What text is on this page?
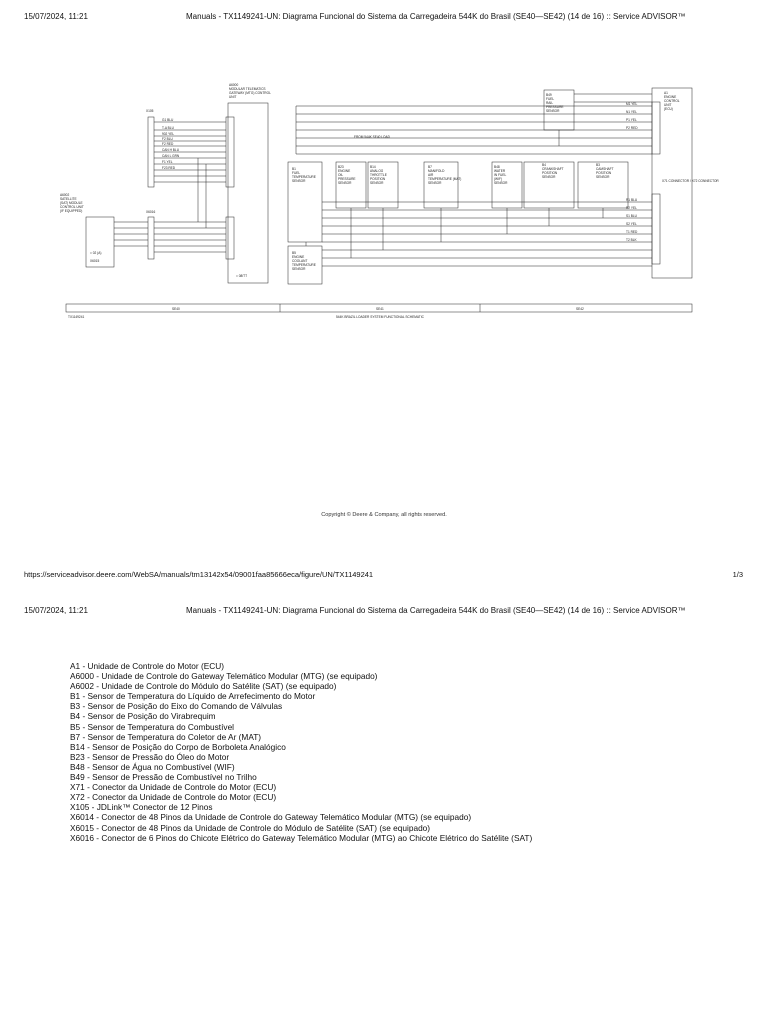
15/07/2024, 11:21	Manuals - TX1149241-UN: Diagrama Funcional do Sistema da Carregadeira 544K do Brasil (SE40—SE42) (14 de 16) :: Service ADVISOR™
A6000
MODULAR TELEMATICS
GATEWAY (MTG) CONTROL
UNIT
A1
ENGINE
CONTROL
UNIT
(ECU)
A6002
SATELLITE
(SAT) MODULE
CONTROL UNIT
(IF EQUIPPED)
B1
FUEL
TEMPERATURE
SENSOR
B23
ENGINE
OIL
PRESSURE
SENSOR
B14
ANALOG
THROTTLE
POSITION
SENSOR
B7
MANIFOLD
AIR
TEMPERATURE (MAT)
SENSOR
B48
WATER
IN FUEL
(WIF)
SENSOR
B4
CRANKSHAFT
POSITION
SENSOR
B3
CAMSHAFT
POSITION
SENSOR
B49
FUEL
RAIL
PRESSURE
SENSOR
B5
ENGINE
COOLANT
TEMPERATURE
SENSOR
X105
X6016
X6015
FROM 544K SE40 LOAD
= 08/TT
= 02 (A)
X71 CONNECTOR / X72 CONNECTOR
G1 BLU
T-A BLU
902 YEL
F2 BLU
F2 RED
CAN H BLU
CAN L GRN
F1 YEL
F23 RED
M1 YEL
N1 YEL
P1 YEL
P2 RED
R1 BLU
R2 YEL
S1 BLU
S2 YEL
T1 RED
T2 BLK
SE40	SE41	SE42
TX1149241	544K BRAZIL LOADER SYSTEM FUNCTIONAL SCHEMATIC
Copyright © Deere & Company, all rights reserved.
https://serviceadvisor.deere.com/WebSA/manuals/tm13142x54/09001faa85666eca/figure/UN/TX1149241	1/3
15/07/2024, 11:21	Manuals - TX1149241-UN: Diagrama Funcional do Sistema da Carregadeira 544K do Brasil (SE40—SE42) (14 de 16) :: Service ADVISOR™
A1 - Unidade de Controle do Motor (ECU)
A6000 - Unidade de Controle do Gateway Telemático Modular (MTG) (se equipado)
A6002 - Unidade de Controle do Módulo do Satélite (SAT) (se equipado)
B1 - Sensor de Temperatura do Líquido de Arrefecimento do Motor
B3 - Sensor de Posição do Eixo do Comando de Válvulas
B4 - Sensor de Posição do Virabrequim
B5 - Sensor de Temperatura do Combustível
B7 - Sensor de Temperatura do Coletor de Ar (MAT)
B14 - Sensor de Posição do Corpo de Borboleta Analógico
B23 - Sensor de Pressão do Óleo do Motor
B48 - Sensor de Água no Combustível (WIF)
B49 - Sensor de Pressão de Combustível no Trilho
X71 - Conector da Unidade de Controle do Motor (ECU)
X72 - Conector da Unidade de Controle do Motor (ECU)
X105 - JDLink™ Conector de 12 Pinos
X6014 - Conector de 48 Pinos da Unidade de Controle do Gateway Telemático Modular (MTG) (se equipado)
X6015 - Conector de 48 Pinos da Unidade de Controle do Módulo de Satélite (SAT) (se equipado)
X6016 - Conector de 6 Pinos do Chicote Elétrico do Gateway Telemático Modular (MTG) ao Chicote Elétrico do Satélite (SAT)
